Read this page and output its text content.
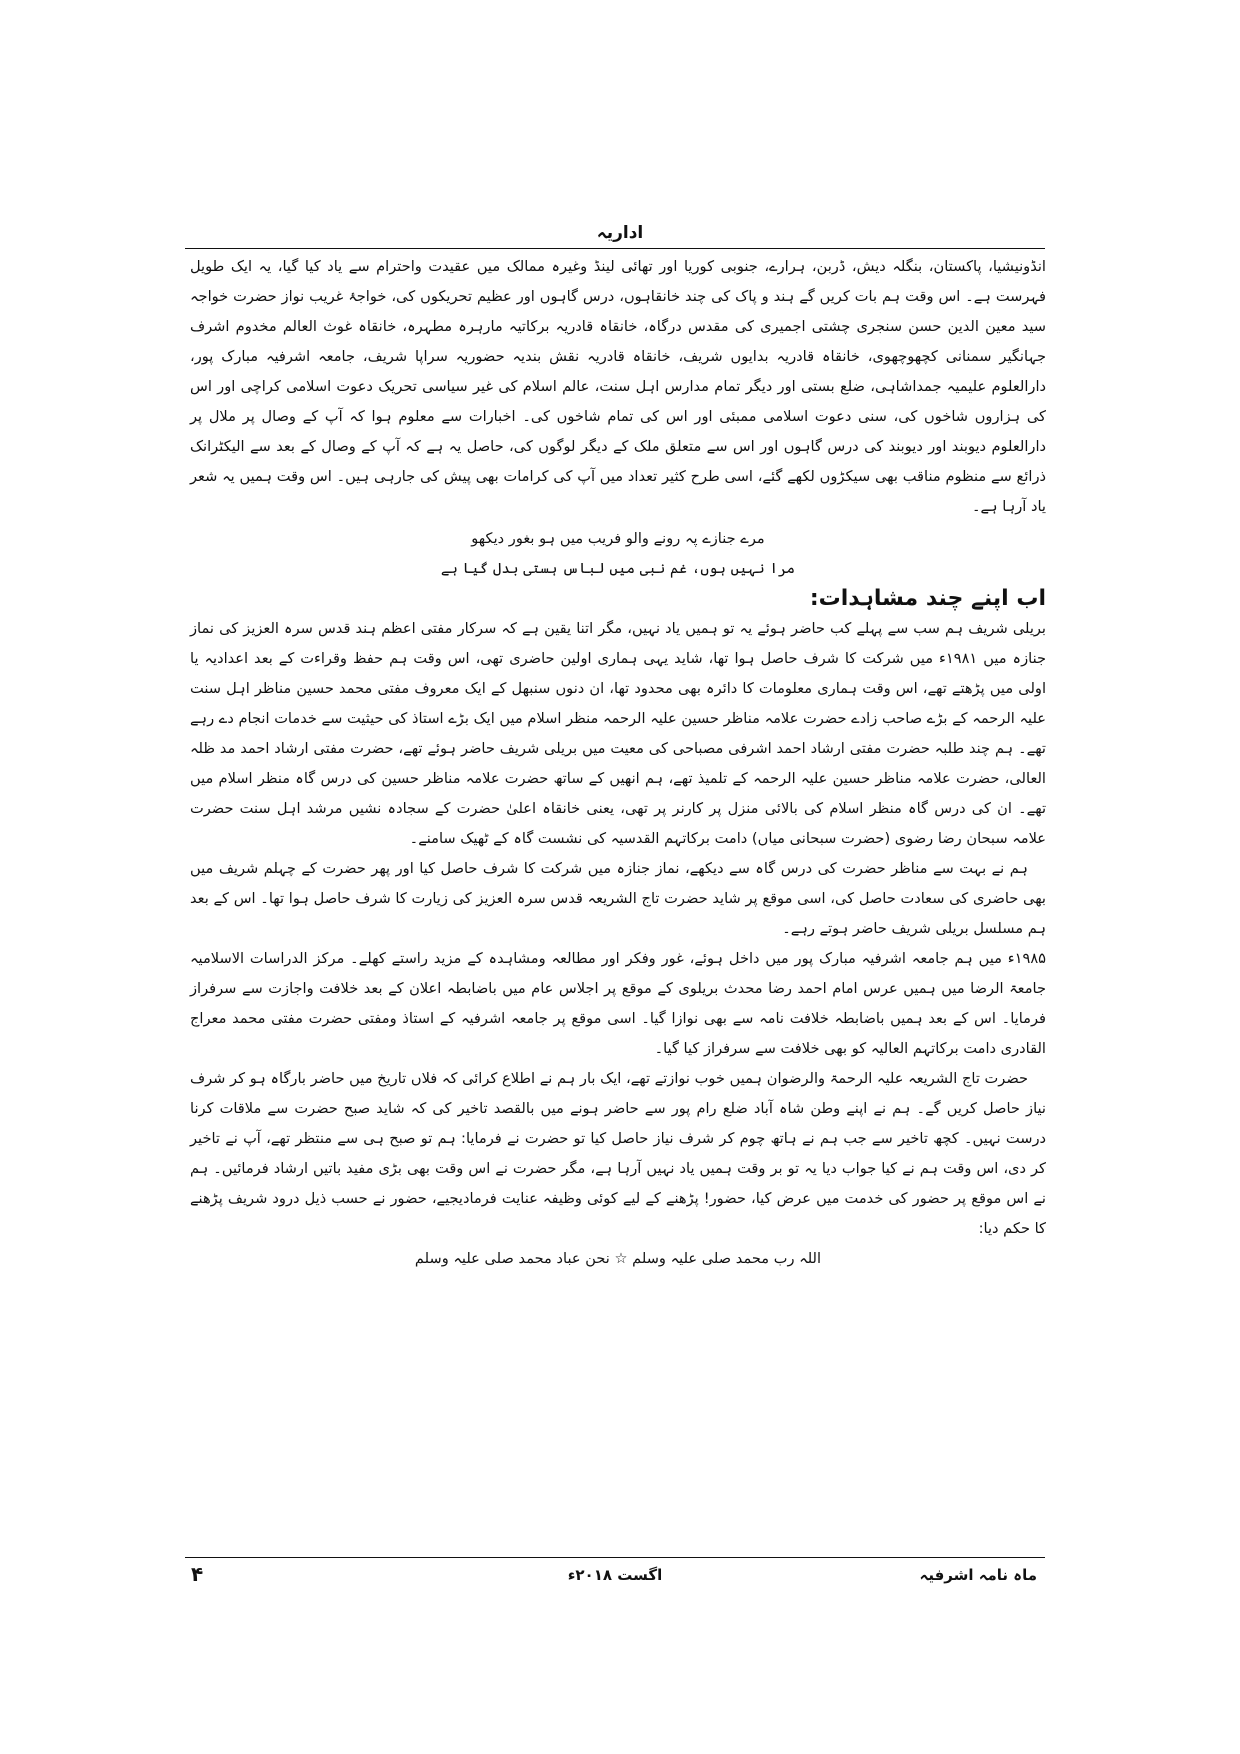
اداریہ

انڈونیشیا، پاکستان، بنگلہ دیش، ڈربن، ہرارے، جنوبی کوریا اور تھائی لینڈ وغیرہ ممالک میں عقیدت واحترام سے یاد کیا گیا، یہ ایک طویل فہرست ہے۔ اس وقت ہم بات کریں گے ہند و پاک کی چند خانقاہوں، درس گاہوں اور عظیم تحریکوں کی، خواجۂ غریب نواز حضرت خواجہ سید معین الدین حسن سنجری چشتی اجمیری کی مقدس درگاہ، خانقاہ قادریہ برکاتیہ مارہرہ مطہرہ، خانقاہ غوث العالم مخدوم اشرف جہانگیر سمنانی کچھوچھوی، خانقاہ قادریہ بدایوں شریف، خانقاہ قادریہ نقش بندیہ حضوریہ سراپا شریف، جامعہ اشرفیہ مبارک پور، دارالعلوم علیمیہ جمداشاہی، ضلع بستی اور دیگر تمام مدارس اہل سنت، عالم اسلام کی غیر سیاسی تحریک دعوت اسلامی کراچی اور اس کی ہزاروں شاخوں کی، سنی دعوت اسلامی ممبئی اور اس کی تمام شاخوں کی۔ اخبارات سے معلوم ہوا کہ آپ کے وصال پر ملال پر دارالعلوم دیوبند اور دیوبند کی درس گاہوں اور اس سے متعلق ملک کے دیگر لوگوں کی، حاصل یہ ہے کہ آپ کے وصال کے بعد سے الیکٹرانک ذرائع سے منظوم مناقب بھی سیکڑوں لکھے گئے، اسی طرح کثیر تعداد میں آپ کی کرامات بھی پیش کی جارہی ہیں۔ اس وقت ہمیں یہ شعر یاد آرہا ہے۔

مرے جنازے پہ رونے والو فریب میں ہو بغور دیکھو
مرا نہیں ہوں، غم نبی میں لباس ہستی بدل گیا ہے

اب اپنے چند مشاہدات:

بریلی شریف ہم سب سے پہلے کب حاضر ہوئے یہ تو ہمیں یاد نہیں، مگر اتنا یقین ہے کہ سرکار مفتی اعظم ہند قدس سرہ العزیز کی نماز جنازہ میں ۱۹۸۱ء میں شرکت کا شرف حاصل ہوا تھا، شاید یہی ہماری اولین حاضری تھی، اس وقت ہم حفظ وقراءت کے بعد اعدادیہ یا اولی میں پڑھتے تھے، اس وقت ہماری معلومات کا دائرہ بھی محدود تھا، ان دنوں سنبھل کے ایک معروف مفتی محمد حسین مناظر اہل سنت علیہ الرحمہ کے بڑے صاحب زادے حضرت علامہ مناظر حسین علیہ الرحمہ منظر اسلام میں ایک بڑے استاذ کی حیثیت سے خدمات انجام دے رہے تھے۔ ہم چند طلبہ حضرت مفتی ارشاد احمد اشرفی مصباحی کی معیت میں بریلی شریف حاضر ہوئے تھے، حضرت مفتی ارشاد احمد مد ظلہ العالی، حضرت علامہ مناظر حسین علیہ الرحمہ کے تلمیذ تھے، ہم انھیں کے ساتھ حضرت علامہ مناظر حسین کی درس گاہ منظر اسلام میں تھے۔ ان کی درس گاہ منظر اسلام کی بالائی منزل پر کارنر پر تھی، یعنی خانقاہ اعلیٰ حضرت کے سجادہ نشیں مرشد اہل سنت حضرت علامہ سبحان رضا رضوی (حضرت سبحانی میاں) دامت برکاتہم القدسیہ کی نشست گاہ کے ٹھیک سامنے۔

ہم نے بہت سے مناظر حضرت کی درس گاہ سے دیکھے، نماز جنازہ میں شرکت کا شرف حاصل کیا اور پھر حضرت کے چہلم شریف میں بھی حاضری کی سعادت حاصل کی، اسی موقع پر شاید حضرت تاج الشریعہ قدس سرہ العزیز کی زیارت کا شرف حاصل ہوا تھا۔ اس کے بعد ہم مسلسل بریلی شریف حاضر ہوتے رہے۔

۱۹۸۵ء میں ہم جامعہ اشرفیہ مبارک پور میں داخل ہوئے، غور وفکر اور مطالعہ ومشاہدہ کے مزید راستے کھلے۔ مرکز الدراسات الاسلامیہ جامعۃ الرضا میں ہمیں عرس امام احمد رضا محدث بریلوی کے موقع پر اجلاس عام میں باضابطہ اعلان کے بعد خلافت واجازت سے سرفراز فرمایا۔ اس کے بعد ہمیں باضابطہ خلافت نامہ سے بھی نوازا گیا۔ اسی موقع پر جامعہ اشرفیہ کے استاذ ومفتی حضرت مفتی محمد معراج القادری دامت برکاتہم العالیہ کو بھی خلافت سے سرفراز کیا گیا۔

حضرت تاج الشریعہ علیہ الرحمۃ والرضوان ہمیں خوب نوازتے تھے، ایک بار ہم نے اطلاع کرائی کہ فلاں تاریخ میں حاضر بارگاہ ہو کر شرف نیاز حاصل کریں گے۔ ہم نے اپنے وطن شاہ آباد ضلع رام پور سے حاضر ہونے میں بالقصد تاخیر کی کہ شاید صبح حضرت سے ملاقات کرنا درست نہیں۔ کچھ تاخیر سے جب ہم نے ہاتھ چوم کر شرف نیاز حاصل کیا تو حضرت نے فرمایا: ہم تو صبح ہی سے منتظر تھے، آپ نے تاخیر کر دی، اس وقت ہم نے کیا جواب دیا یہ تو بر وقت ہمیں یاد نہیں آرہا ہے، مگر حضرت نے اس وقت بھی بڑی مفید باتیں ارشاد فرمائیں۔ ہم نے اس موقع پر حضور کی خدمت میں عرض کیا، حضور! پڑھنے کے لیے کوئی وظیفہ عنایت فرمادیجیے، حضور نے حسب ذیل درود شریف پڑھنے کا حکم دیا:

اللہ رب محمد صلی علیہ وسلم ☆ نحن عباد محمد صلی علیہ وسلم

ماہ نامہ اشرفیہ
اگست ۲۰۱۸ء
۴
